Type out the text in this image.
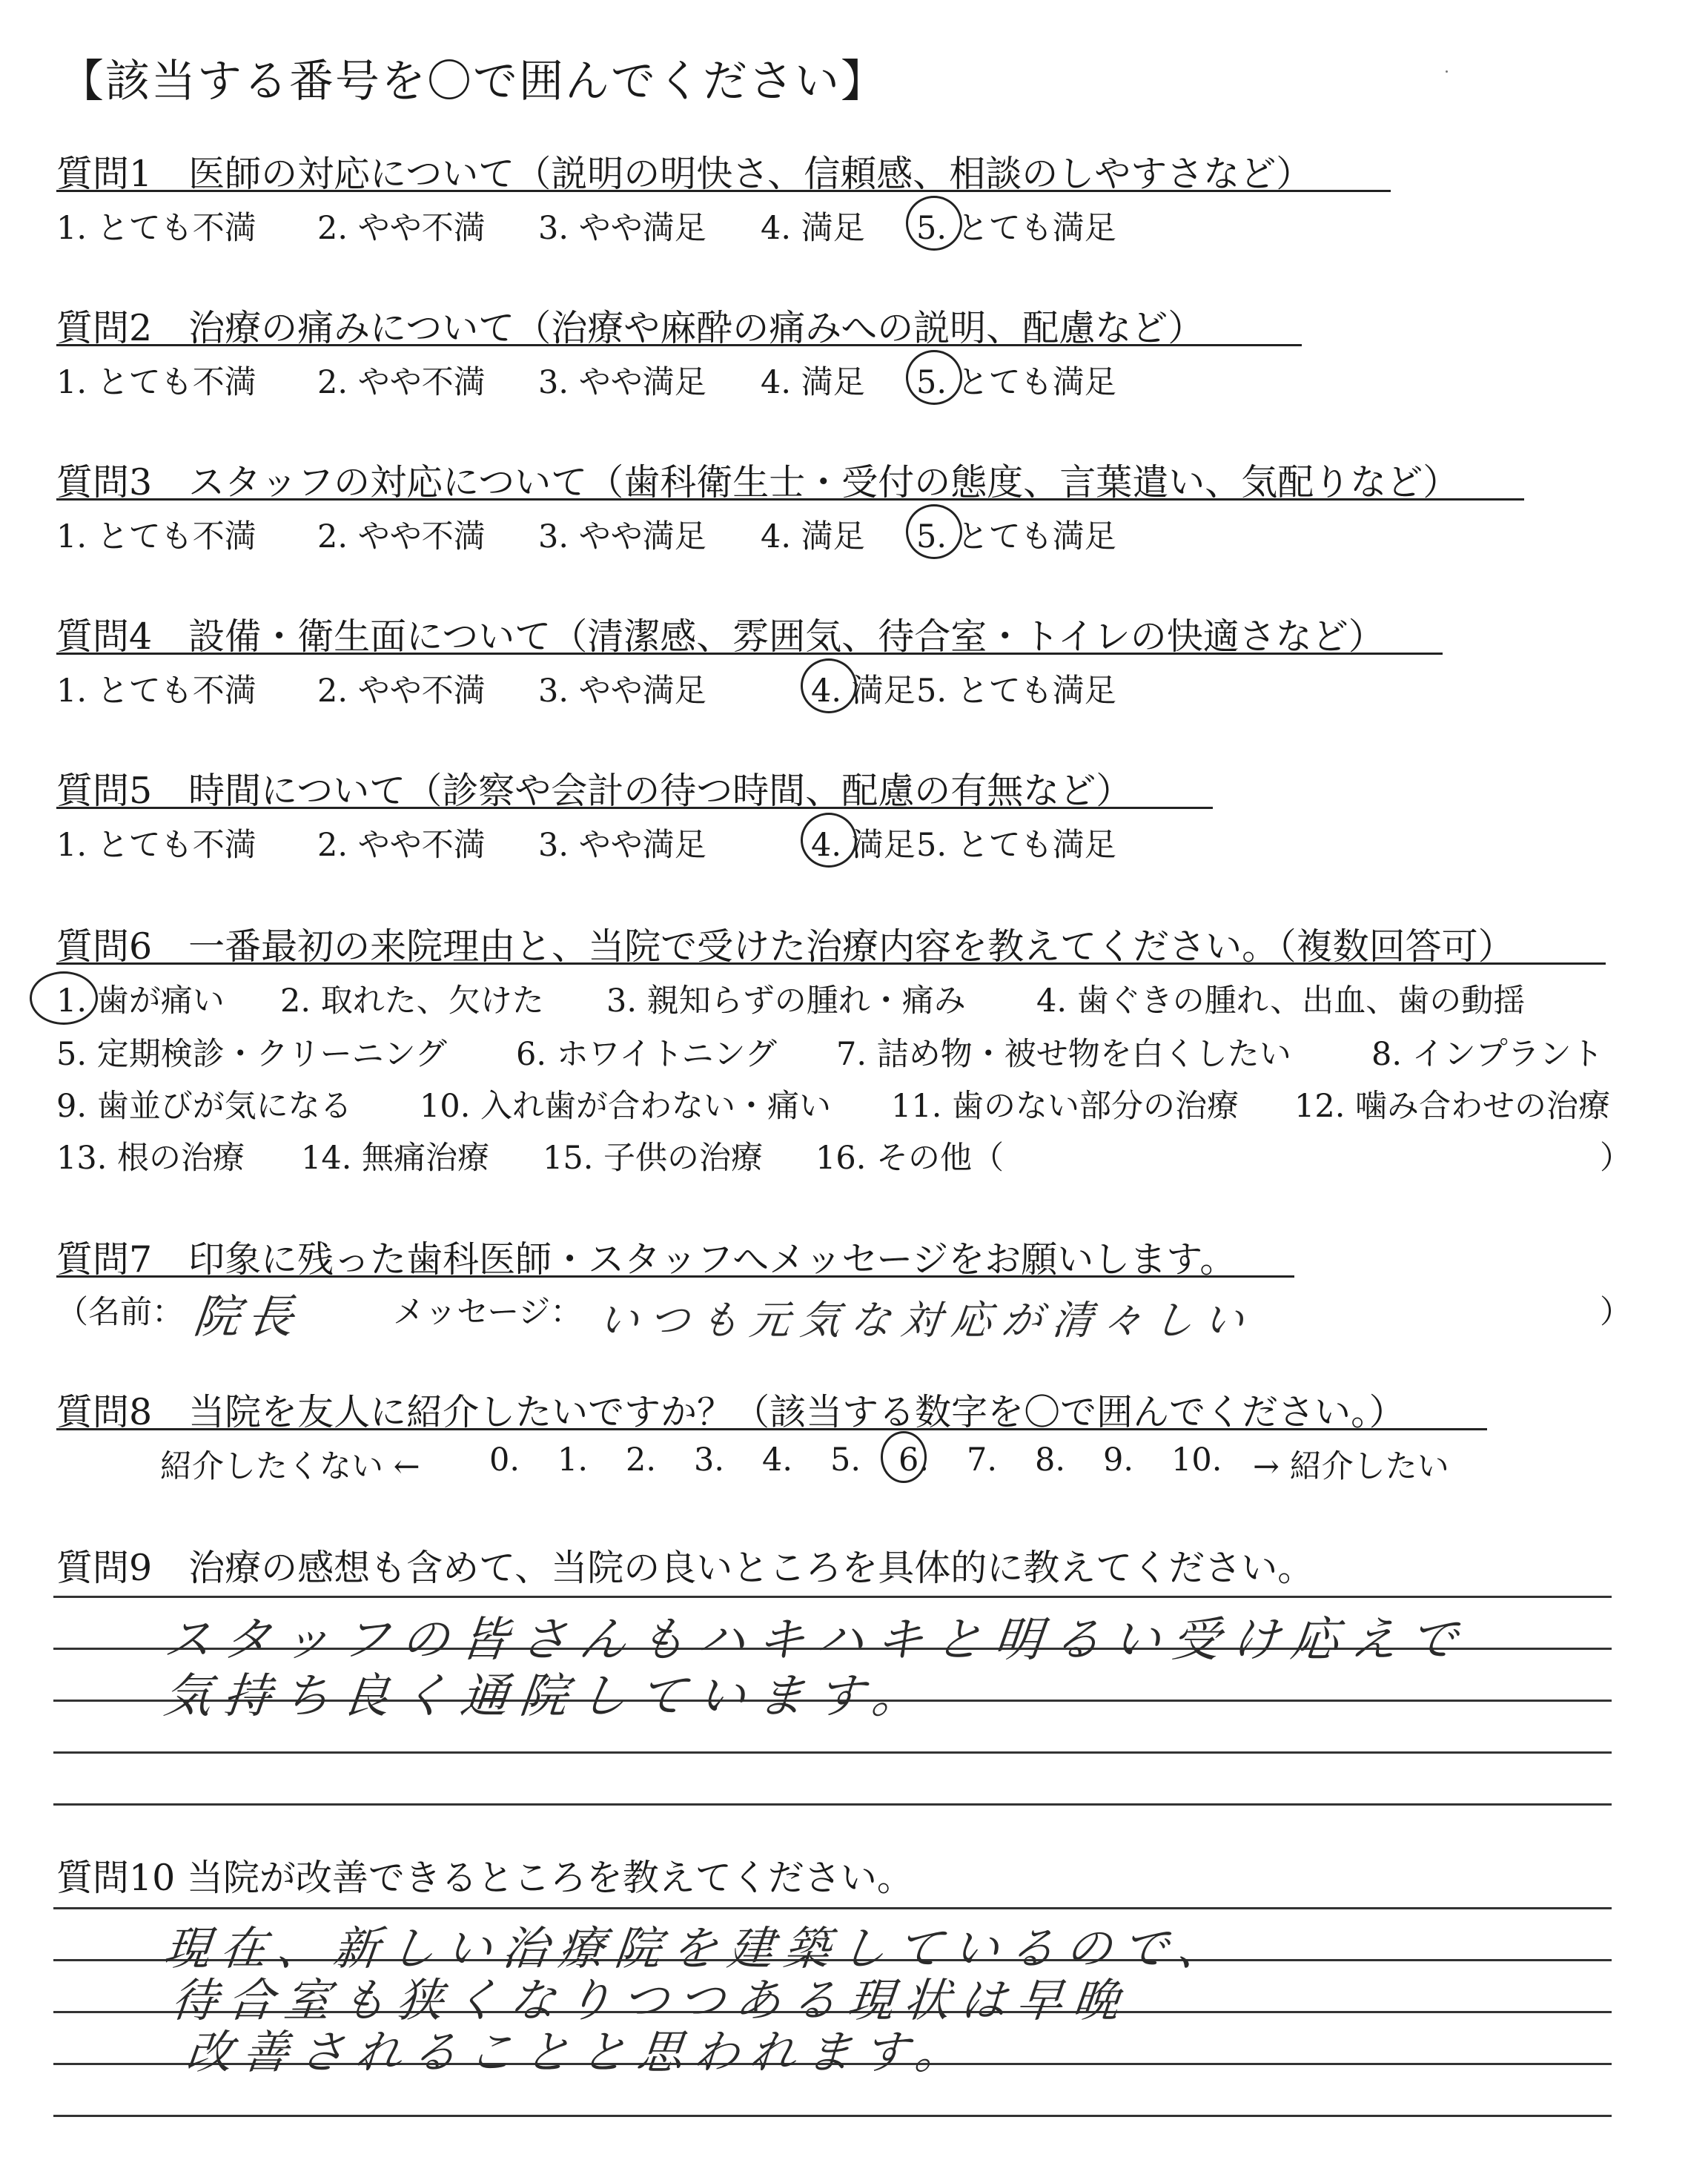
【該当する番号を〇で囲んでください】
質問1　医師の対応について（説明の明快さ、信頼感、相談のしやすさなど）
1. とても不満 2. やや不満 3. やや満足 4. 満足 5. とても満足
質問2　治療の痛みについて（治療や麻酔の痛みへの説明、配慮など）
1. とても不満 2. やや不満 3. やや満足 4. 満足 5. とても満足
質問3　スタッフの対応について（歯科衛生士・受付の態度、言葉遣い、気配りなど）
1. とても不満 2. やや不満 3. やや満足 4. 満足 5. とても満足
質問4　設備・衛生面について（清潔感、雰囲気、待合室・トイレの快適さなど）
1. とても不満 2. やや不満 3. やや満足	4. 満足 5. とても満足
質問5　時間について（診察や会計の待つ時間、配慮の有無など）
1. とても不満 2. やや不満 3. やや満足	4. 満足 5. とても満足
質問6　一番最初の来院理由と、当院で受けた治療内容を教えてください。（複数回答可）
1. 歯が痛い 2. 取れた、欠けた 3. 親知らずの腫れ・痛み 4. 歯ぐきの腫れ、出血、歯の動揺
5. 定期検診・クリーニング 6. ホワイトニング 7. 詰め物・被せ物を白くしたい	8. インプラント
9. 歯並びが気になる 10. 入れ歯が合わない・痛い 11. 歯のない部分の治療 12. 噛み合わせの治療
13. 根の治療 14. 無痛治療 15. 子供の治療 16. その他（	）
質問7　印象に残った歯科医師・スタッフへメッセージをお願いします。
（名前： 院長	メッセージ： いつも元気な対応が清々しい	）
質問8　当院を友人に紹介したいですか？（該当する数字を〇で囲んでください。）
紹介したくない ← 0. 1. 2. 3. 4. 5. 6. 7. 8. 9. 10. → 紹介したい
質問9　治療の感想も含めて、当院の良いところを具体的に教えてください。
スタッフの皆さんもハキハキと明るい受け応えで
気持ち良く通院しています。
質問10 当院が改善できるところを教えてください。
現在、新しい治療院を建築しているので、
待合室も狭くなりつつある現状は早晩
改善されることと思われます。
